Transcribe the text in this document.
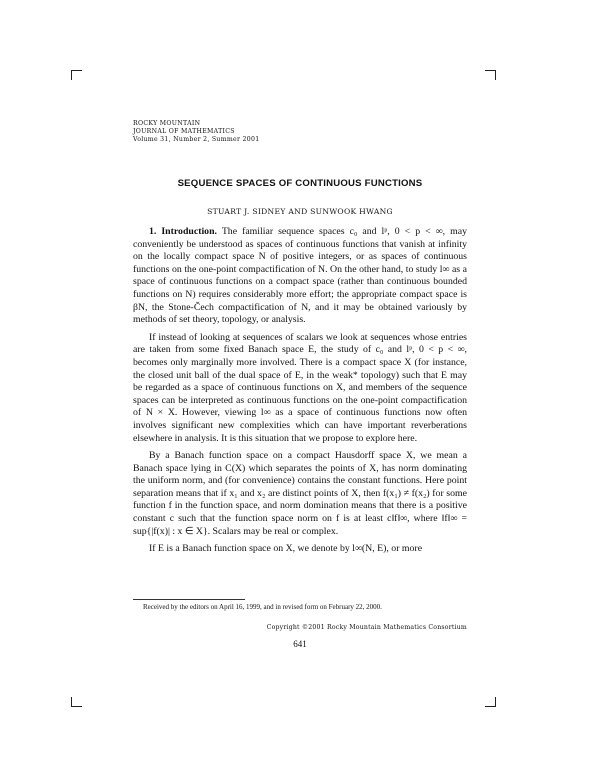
ROCKY MOUNTAIN
JOURNAL OF MATHEMATICS
Volume 31, Number 2, Summer 2001
SEQUENCE SPACES OF CONTINUOUS FUNCTIONS
STUART J. SIDNEY AND SUNWOOK HWANG

1. Introduction. The familiar sequence spaces c₀ and lᵖ, 0 < p < ∞, may conveniently be understood as spaces of continuous functions that vanish at infinity on the locally compact space N of positive integers, or as spaces of continuous functions on the one-point compactification of N. On the other hand, to study l∞ as a space of continuous functions on a compact space (rather than continuous bounded functions on N) requires considerably more effort; the appropriate compact space is βN, the Stone-Čech compactification of N, and it may be obtained variously by methods of set theory, topology, or analysis.

If instead of looking at sequences of scalars we look at sequences whose entries are taken from some fixed Banach space E, the study of c₀ and lᵖ, 0 < p < ∞, becomes only marginally more involved. There is a compact space X (for instance, the closed unit ball of the dual space of E, in the weak* topology) such that E may be regarded as a space of continuous functions on X, and members of the sequence spaces can be interpreted as continuous functions on the one-point compactification of N × X. However, viewing l∞ as a space of continuous functions now often involves significant new complexities which can have important reverberations elsewhere in analysis. It is this situation that we propose to explore here.

By a Banach function space on a compact Hausdorff space X, we mean a Banach space lying in C(X) which separates the points of X, has norm dominating the uniform norm, and (for convenience) contains the constant functions. Here point separation means that if x₁ and x₂ are distinct points of X, then f(x₁) ≠ f(x₂) for some function f in the function space, and norm domination means that there is a positive constant c such that the function space norm on f is at least c‖f‖∞, where ‖f‖∞ = sup{|f(x)| : x ∈ X}. Scalars may be real or complex.

If E is a Banach function space on X, we denote by l∞(N, E), or more

Received by the editors on April 16, 1999, and in revised form on February 22, 2000.
Copyright ©2001 Rocky Mountain Mathematics Consortium
641
